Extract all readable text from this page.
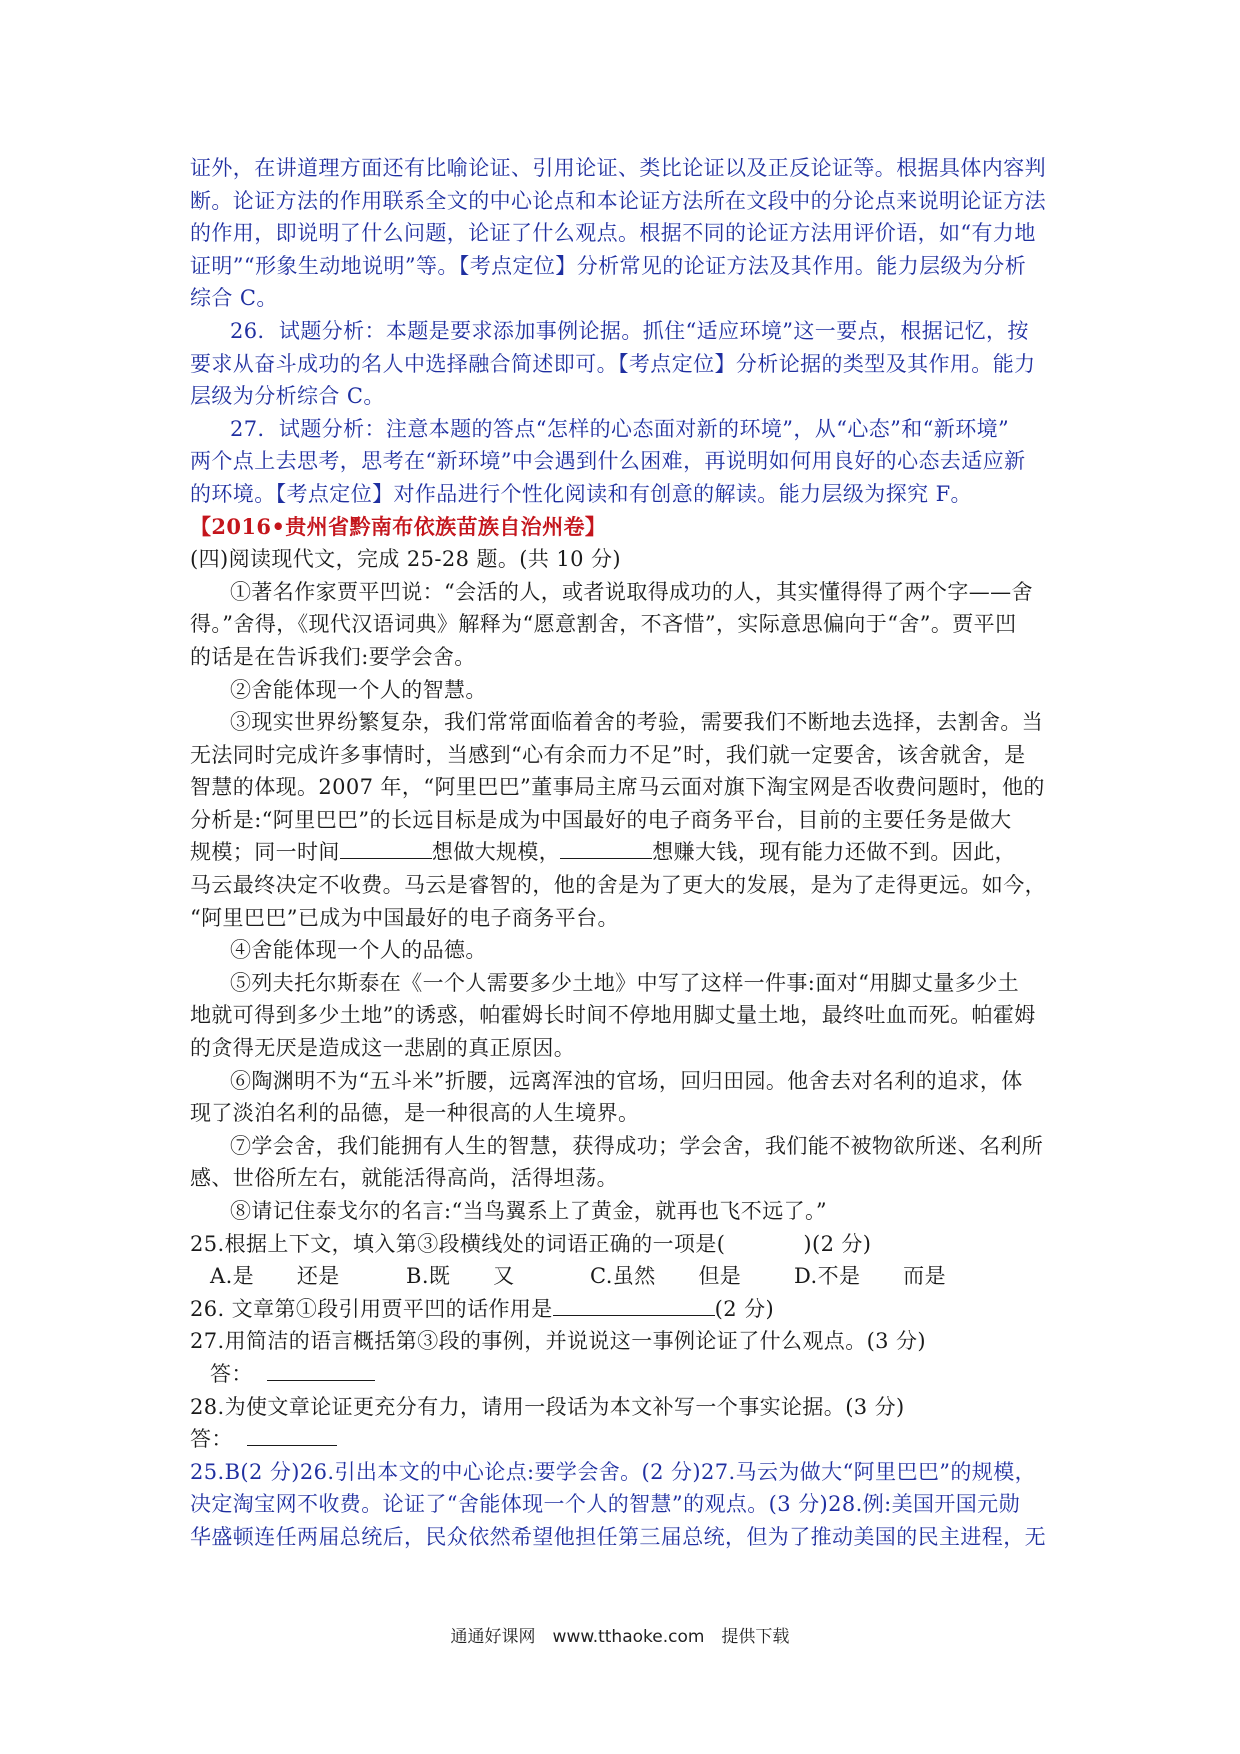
证外，在讲道理方面还有比喻论证、引用论证、类比论证以及正反论证等。根据具体内容判
断。论证方法的作用联系全文的中心论点和本论证方法所在文段中的分论点来说明论证方法
的作用，即说明了什么问题，论证了什么观点。根据不同的论证方法用评价语，如“有力地
证明”“形象生动地说明”等。【考点定位】分析常见的论证方法及其作用。能力层级为分析
综合 C。
26．试题分析：本题是要求添加事例论据。抓住“适应环境”这一要点，根据记忆，按
要求从奋斗成功的名人中选择融合简述即可。【考点定位】分析论据的类型及其作用。能力
层级为分析综合 C。
27．试题分析：注意本题的答点“怎样的心态面对新的环境”，从“心态”和“新环境”
两个点上去思考，思考在“新环境”中会遇到什么困难，再说明如何用良好的心态去适应新
的环境。【考点定位】对作品进行个性化阅读和有创意的解读。能力层级为探究 F。
【2016•贵州省黔南布依族苗族自治州卷】
(四)阅读现代文，完成 25-28 题。(共 10 分)
①著名作家贾平凹说：“会活的人，或者说取得成功的人，其实懂得得了两个字——舍
得。”舍得，《现代汉语词典》解释为“愿意割舍，不吝惜”，实际意思偏向于“舍”。贾平凹
的话是在告诉我们:要学会舍。
②舍能体现一个人的智慧。
③现实世界纷繁复杂，我们常常面临着舍的考验，需要我们不断地去选择，去割舍。当
无法同时完成许多事情时，当感到“心有余而力不足”时，我们就一定要舍，该舍就舍，是
智慧的体现。2007 年，“阿里巴巴”董事局主席马云面对旗下淘宝网是否收费问题时，他的
分析是:“阿里巴巴”的长远目标是成为中国最好的电子商务平台，目前的主要任务是做大
规模；同一时间	想做大规模，	想赚大钱，现有能力还做不到。因此，
马云最终决定不收费。马云是睿智的，他的舍是为了更大的发展，是为了走得更远。如今，
“阿里巴巴”已成为中国最好的电子商务平台。
④舍能体现一个人的品德。
⑤列夫托尔斯泰在《一个人需要多少土地》中写了这样一件事:面对“用脚丈量多少土
地就可得到多少土地”的诱惑，帕霍姆长时间不停地用脚丈量土地，最终吐血而死。帕霍姆
的贪得无厌是造成这一悲剧的真正原因。
⑥陶渊明不为“五斗米”折腰，远离浑浊的官场，回归田园。他舍去对名利的追求，体
现了淡泊名利的品德，是一种很高的人生境界。
⑦学会舍，我们能拥有人生的智慧，获得成功；学会舍，我们能不被物欲所迷、名利所
感、世俗所左右，就能活得高尚，活得坦荡。
⑧请记住泰戈尔的名言:“当鸟翼系上了黄金，就再也飞不远了。”
25.根据上下文，填入第③段横线处的词语正确的一项是(	)(2 分)
A.是　　还是	B.既　　又	C.虽然　　但是	D.不是　　而是
26. 文章第①段引用贾平凹的话作用是	(2 分)
27.用简洁的语言概括第③段的事例，并说说这一事例论证了什么观点。(3 分)
答：
28.为使文章论证更充分有力，请用一段话为本文补写一个事实论据。(3 分)
答：
25.B(2 分)26.引出本文的中心论点:要学会舍。(2 分)27.马云为做大“阿里巴巴”的规模，
决定淘宝网不收费。论证了“舍能体现一个人的智慧”的观点。(3 分)28.例:美国开国元勋
华盛顿连任两届总统后，民众依然希望他担任第三届总统，但为了推动美国的民主进程，无
通通好课网　www.tthaoke.com　提供下载
